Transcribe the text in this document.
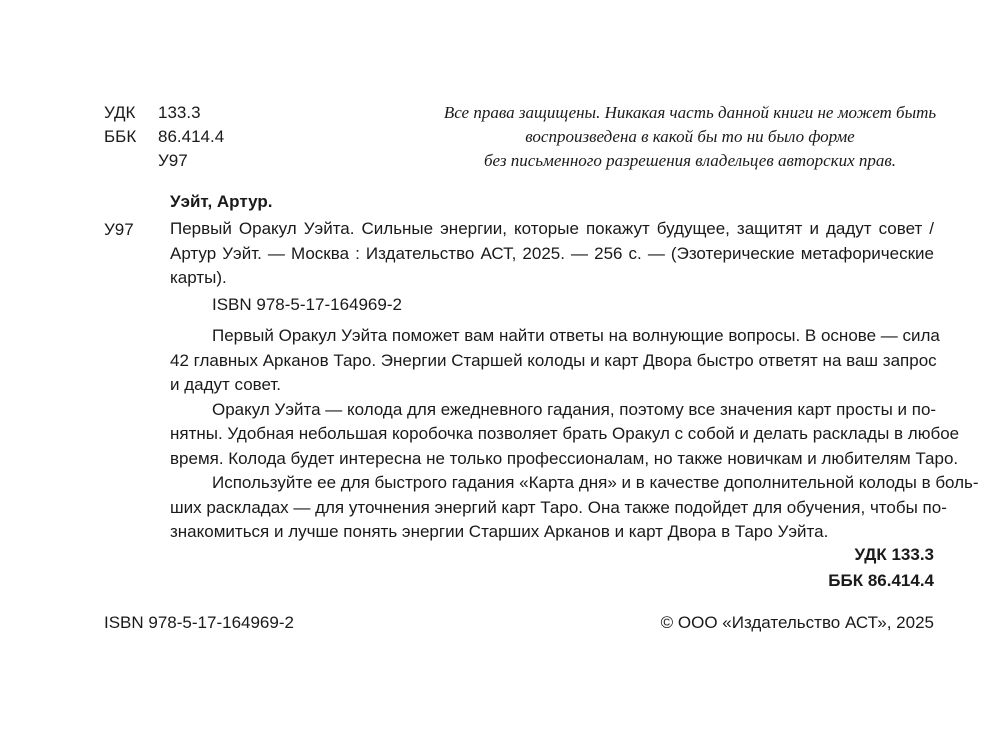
УДК 133.3
ББК 86.414.4
У97
Все права защищены. Никакая часть данной книги не может быть
воспроизведена в какой бы то ни было форме
без письменного разрешения владельцев авторских прав.
Уэйт, Артур.
У97 Первый Оракул Уэйта. Сильные энергии, которые покажут будущее, защитят и дадут совет /
Артур Уэйт. — Москва : Издательство АСТ, 2025. — 256 с. — (Эзотерические метафорические
карты).
ISBN 978-5-17-164969-2
Первый Оракул Уэйта поможет вам найти ответы на волнующие вопросы. В основе — сила
42 главных Арканов Таро. Энергии Старшей колоды и карт Двора быстро ответят на ваш запрос
и дадут совет.
Оракул Уэйта — колода для ежедневного гадания, поэтому все значения карт просты и по-
нятны. Удобная небольшая коробочка позволяет брать Оракул с собой и делать расклады в любое
время. Колода будет интересна не только профессионалам, но также новичкам и любителям Таро.
Используйте ее для быстрого гадания «Карта дня» и в качестве дополнительной колоды в боль-
ших раскладах — для уточнения энергий карт Таро. Она также подойдет для обучения, чтобы по-
знакомиться и лучше понять энергии Старших Арканов и карт Двора в Таро Уэйта.
УДК 133.3
ББК 86.414.4
ISBN 978-5-17-164969-2	© ООО «Издательство АСТ», 2025
